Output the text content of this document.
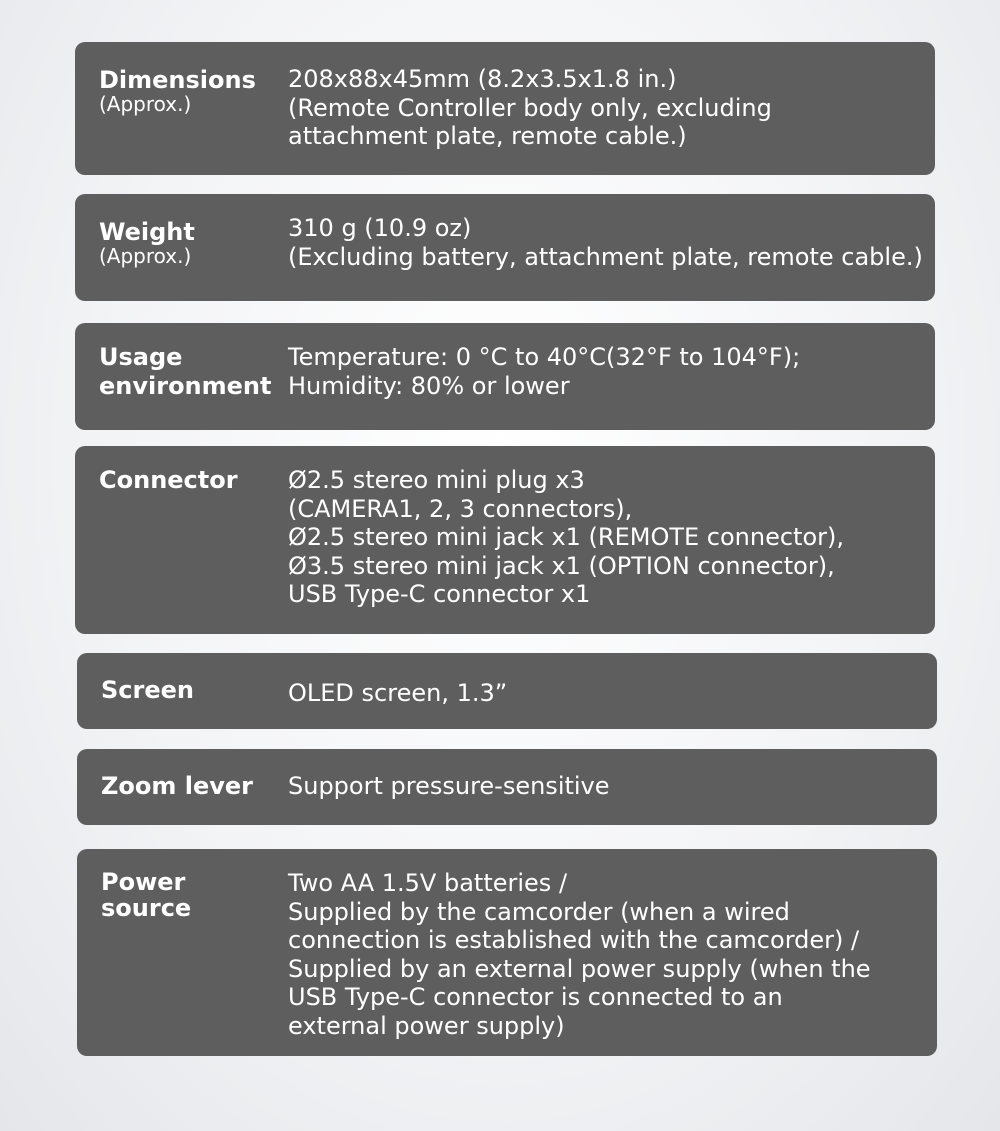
Dimensions
(Approx.)
208x88x45mm (8.2x3.5x1.8 in.)
(Remote Controller body only, excluding
attachment plate, remote cable.)
Weight
(Approx.)
310 g (10.9 oz)
(Excluding battery, attachment plate, remote cable.)
Usage
environment
Temperature: 0 °C to 40°C(32°F to 104°F);
Humidity: 80% or lower
Connector Ø2.5 stereo mini plug x3
(CAMERA1, 2, 3 connectors),
Ø2.5 stereo mini jack x1 (REMOTE connector),
Ø3.5 stereo mini jack x1 (OPTION connector),
USB Type-C connector x1
Screen	OLED screen, 1.3”
Zoom lever Support pressure-sensitive
Power
source
Two AA 1.5V batteries /
Supplied by the camcorder (when a wired
connection is established with the camcorder) /
Supplied by an external power supply (when the
USB Type-C connector is connected to an
external power supply)
